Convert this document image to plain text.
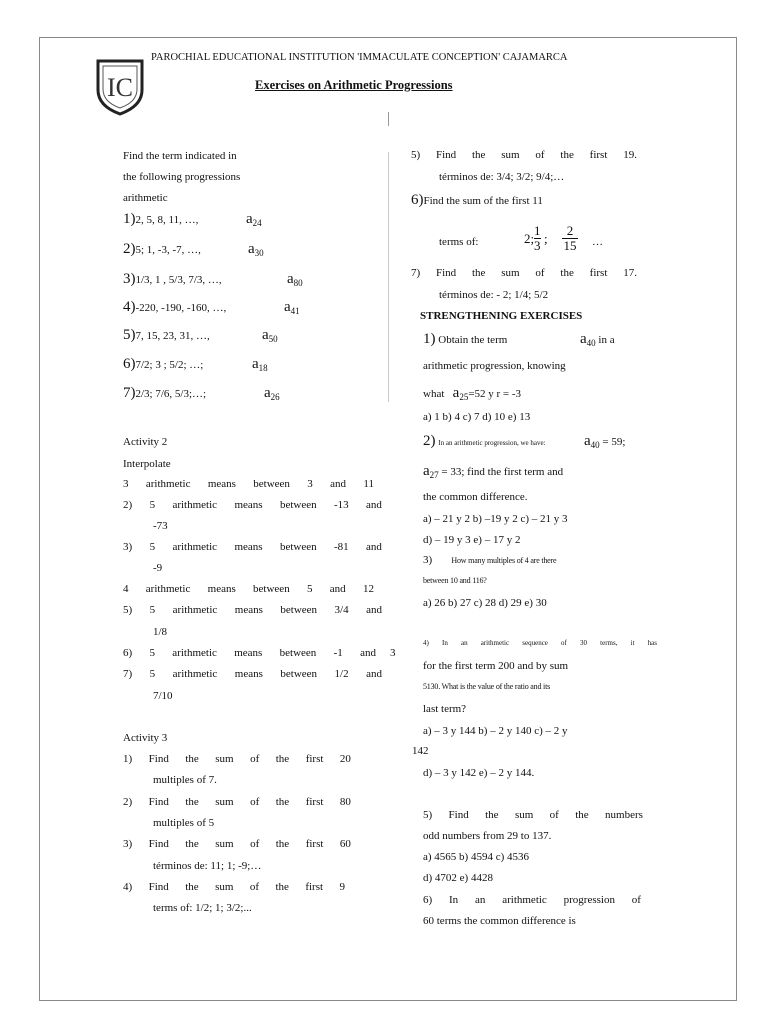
IC
PAROCHIAL EDUCATIONAL INSTITUTION 'IMMACULATE CONCEPTION' CAJAMARCA
Exercises on Arithmetic Progressions
Find the term indicated in
the following progressions
arithmetic
1)2, 5, 8, 11, …,	$a_{24}$
2)5; 1, -3, -7, …,	$a_{30}$
3)1/3, 1 , 5/3, 7/3, …,	$a_{80}$
4)-220, -190, -160, …,	$a_{41}$
5)7, 15, 23, 31, …,	$a_{50}$
6)7/2; 3 ; 5/2; …;	$a_{18}$
7)2/3; 7/6, 5/3;…;	$a_{26}$
Activity 2
Interpolate
3 arithmetic means between 3 and 11
2) 5 arithmetic means between -13 and
-73
3) 5 arithmetic means between -81 and
-9
4 arithmetic means between 5 and 12
5) 5 arithmetic means between 3/4 and
1/8
6) 5 arithmetic means between -1 and 3
7) 5 arithmetic means between 1/2 and
7/10
Activity 3
1) Find the sum of the first 20
multiples of 7.
2) Find the sum of the first 80
multiples of 5
3) Find the sum of the first 60
términos de: 11; 1; -9;…
4) Find the sum of the first 9
terms of: 1/2; 1; 3/2;...
5) Find the sum of the first 19.
términos de: 3/4; 3/2; 9/4;…
6)Find the sum of the first 11
terms of:	2;
1
3 ;
2
15 …
7) Find the sum of the first 17.
términos de: - 2; 1/4; 5/2
STRENGTHENING EXERCISES
1) Obtain the term	$a_{40}$ in a
arithmetic progression, knowing
what $a_{25}=52$ y r = -3
a) 1 b) 4 c) 7 d) 10 e) 13
2) In an arithmetic progression, we have:	$a_{40} = 59$;
$a_{27} = 33$; find the first term and
the common difference.
a) – 21 y 2 b) –19 y 2 c) – 21 y 3
d) – 19 y 3 e) – 17 y 2
3) How many multiples of 4 are there
between 10 and 116?
a) 26 b) 27 c) 28 d) 29 e) 30
4) In an arithmetic sequence of 30 terms, it has
for the first term 200 and by sum
5130. What is the value of the ratio and its
last term?
a) – 3 y 144 b) – 2 y 140 c) – 2 y
142
d) – 3 y 142 e) – 2 y 144.
5) Find the sum of the numbers
odd numbers from 29 to 137.
a) 4565 b) 4594 c) 4536
d) 4702 e) 4428
6) In an arithmetic progression of
60 terms the common difference is
